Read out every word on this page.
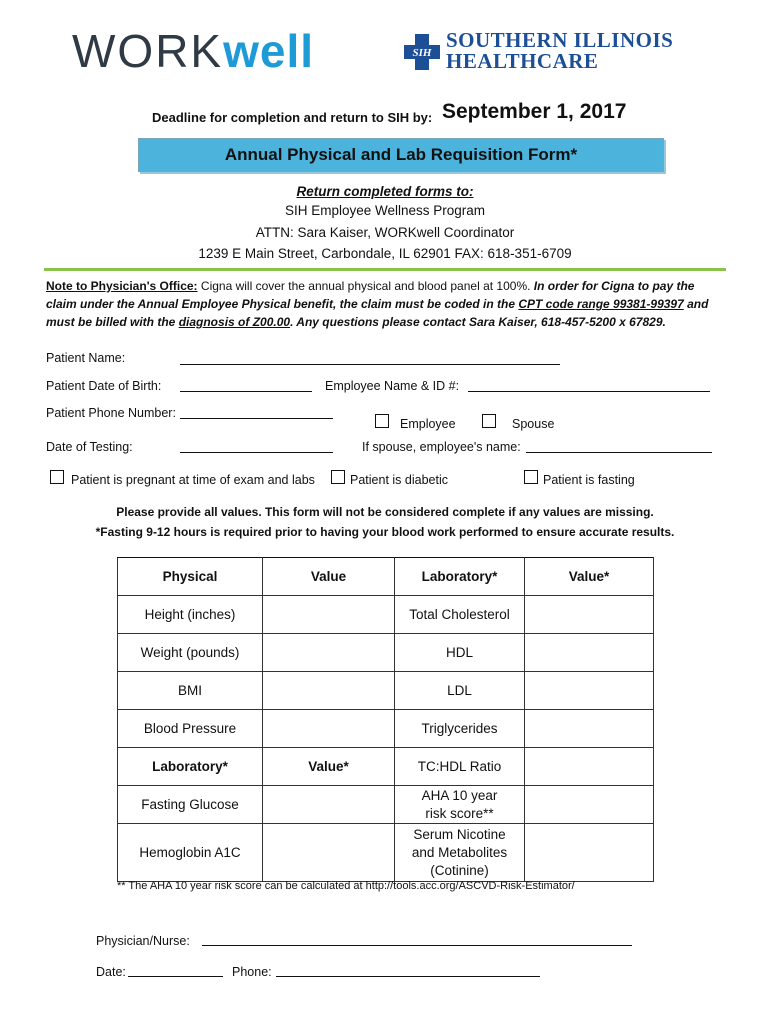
WORKwell	SIH
SOUTHERN ILLINOIS
HEALTHCARE
Deadline for completion and return to SIH by: September 1, 2017
Annual Physical and Lab Requisition Form*
Return completed forms to:
SIH Employee Wellness Program
ATTN: Sara Kaiser, WORKwell Coordinator
1239 E Main Street, Carbondale, IL 62901 FAX: 618-351-6709
Note to Physician's Office: Cigna will cover the annual physical and blood panel at 100%. In order for Cigna to pay the claim under the Annual Employee Physical benefit, the claim must be coded in the CPT code range 99381-99397 and must be billed with the diagnosis of Z00.00. Any questions please contact Sara Kaiser, 618-457-5200 x 67829.
Patient Name:
Patient Date of Birth:	Employee Name & ID #:
Patient Phone Number:
Employee	Spouse
Date of Testing:	If spouse, employee's name:
Patient is pregnant at time of exam and labs	Patient is diabetic	Patient is fasting
Please provide all values. This form will not be considered complete if any values are missing.
*Fasting 9-12 hours is required prior to having your blood work performed to ensure accurate results.
Physical	Value	Laboratory*	Value*
Height (inches)		Total Cholesterol	
Weight (pounds)		HDL	
BMI		LDL	
Blood Pressure		Triglycerides	
Laboratory*	Value*	TC:HDL Ratio	
Fasting Glucose		AHA 10 year risk score**	
Hemoglobin A1C		Serum Nicotine and Metabolites (Cotinine)	
** The AHA 10 year risk score can be calculated at http://tools.acc.org/ASCVD-Risk-Estimator/
Physician/Nurse:
Date:	Phone:
